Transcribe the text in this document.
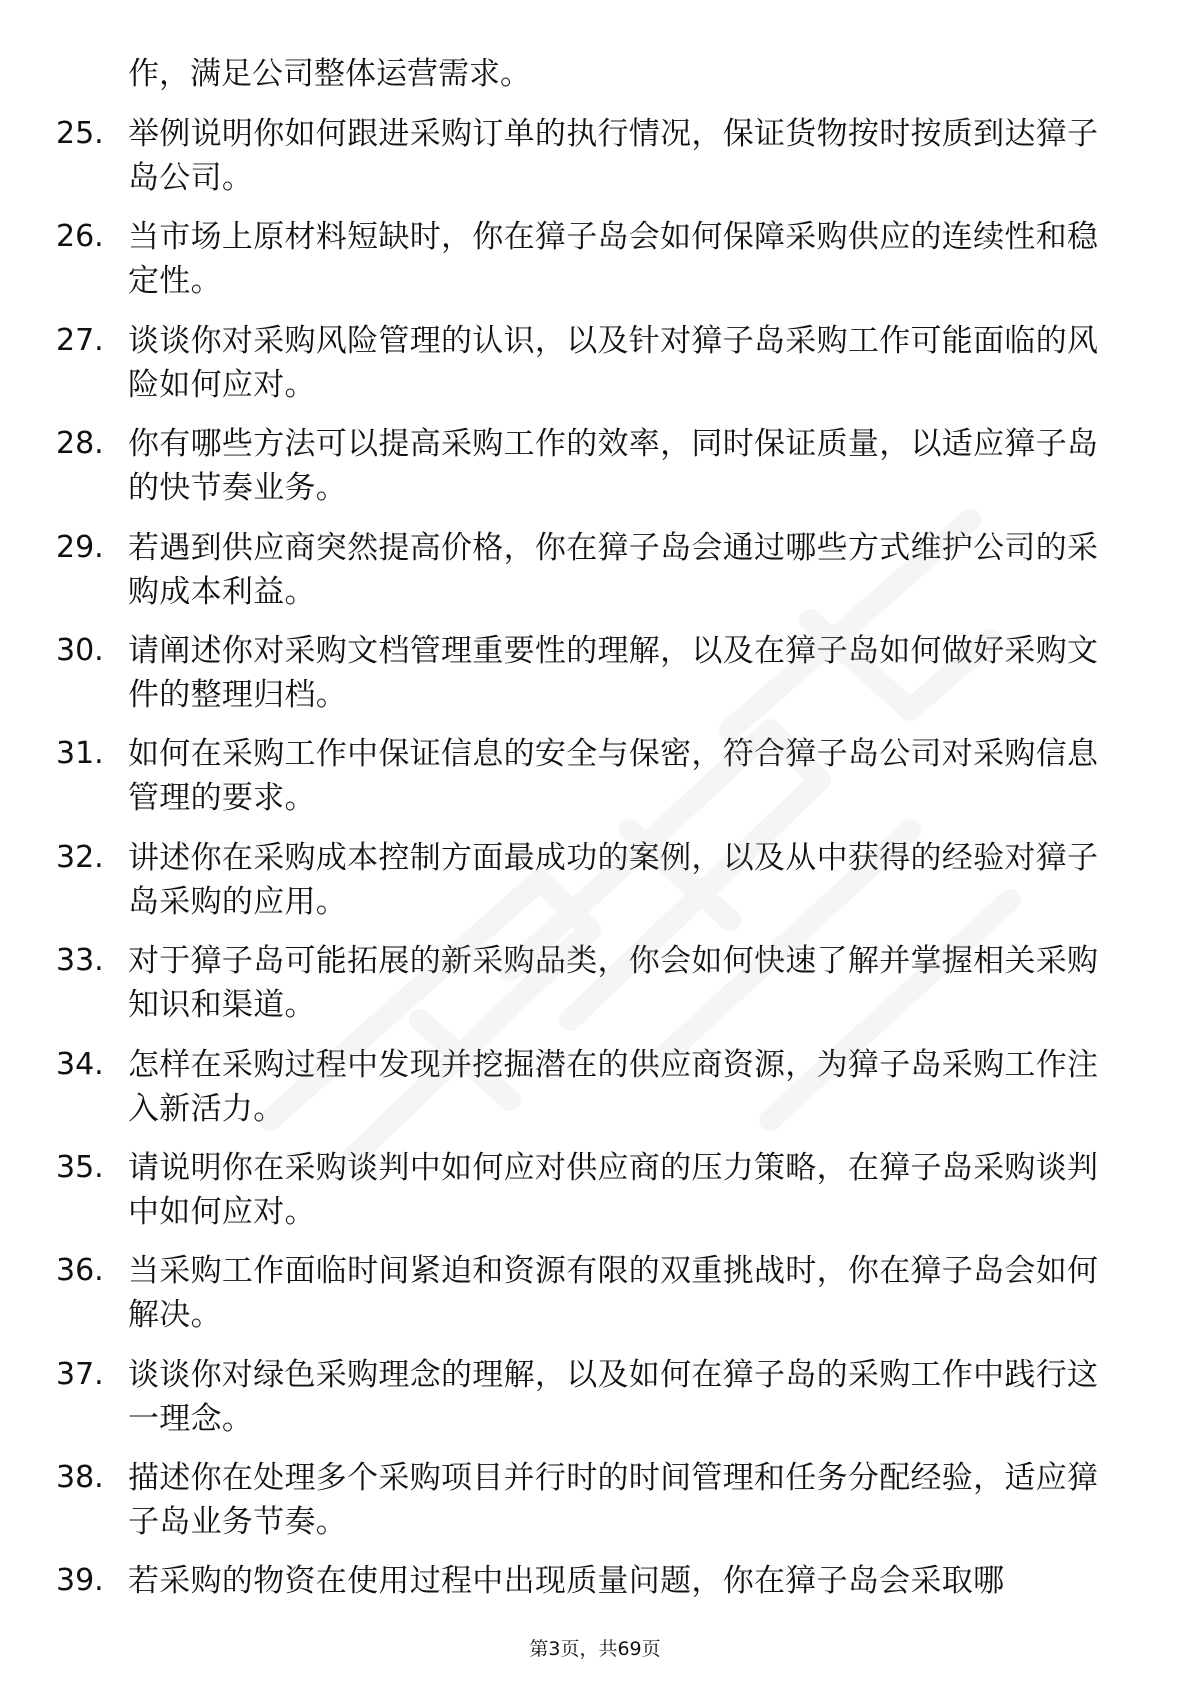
作，满足公司整体运营需求。
25. 举例说明你如何跟进采购订单的执行情况，保证货物按时按质到达獐子岛公司。
26. 当市场上原材料短缺时，你在獐子岛会如何保障采购供应的连续性和稳定性。
27. 谈谈你对采购风险管理的认识，以及针对獐子岛采购工作可能面临的风险如何应对。
28. 你有哪些方法可以提高采购工作的效率，同时保证质量，以适应獐子岛的快节奏业务。
29. 若遇到供应商突然提高价格，你在獐子岛会通过哪些方式维护公司的采购成本利益。
30. 请阐述你对采购文档管理重要性的理解，以及在獐子岛如何做好采购文件的整理归档。
31. 如何在采购工作中保证信息的安全与保密，符合獐子岛公司对采购信息管理的要求。
32. 讲述你在采购成本控制方面最成功的案例，以及从中获得的经验对獐子岛采购的应用。
33. 对于獐子岛可能拓展的新采购品类，你会如何快速了解并掌握相关采购知识和渠道。
34. 怎样在采购过程中发现并挖掘潜在的供应商资源，为獐子岛采购工作注入新活力。
35. 请说明你在采购谈判中如何应对供应商的压力策略，在獐子岛采购谈判中如何应对。
36. 当采购工作面临时间紧迫和资源有限的双重挑战时，你在獐子岛会如何解决。
37. 谈谈你对绿色采购理念的理解，以及如何在獐子岛的采购工作中践行这一理念。
38. 描述你在处理多个采购项目并行时的时间管理和任务分配经验，适应獐子岛业务节奏。
39. 若采购的物资在使用过程中出现质量问题，你在獐子岛会采取哪
第3页，共69页
